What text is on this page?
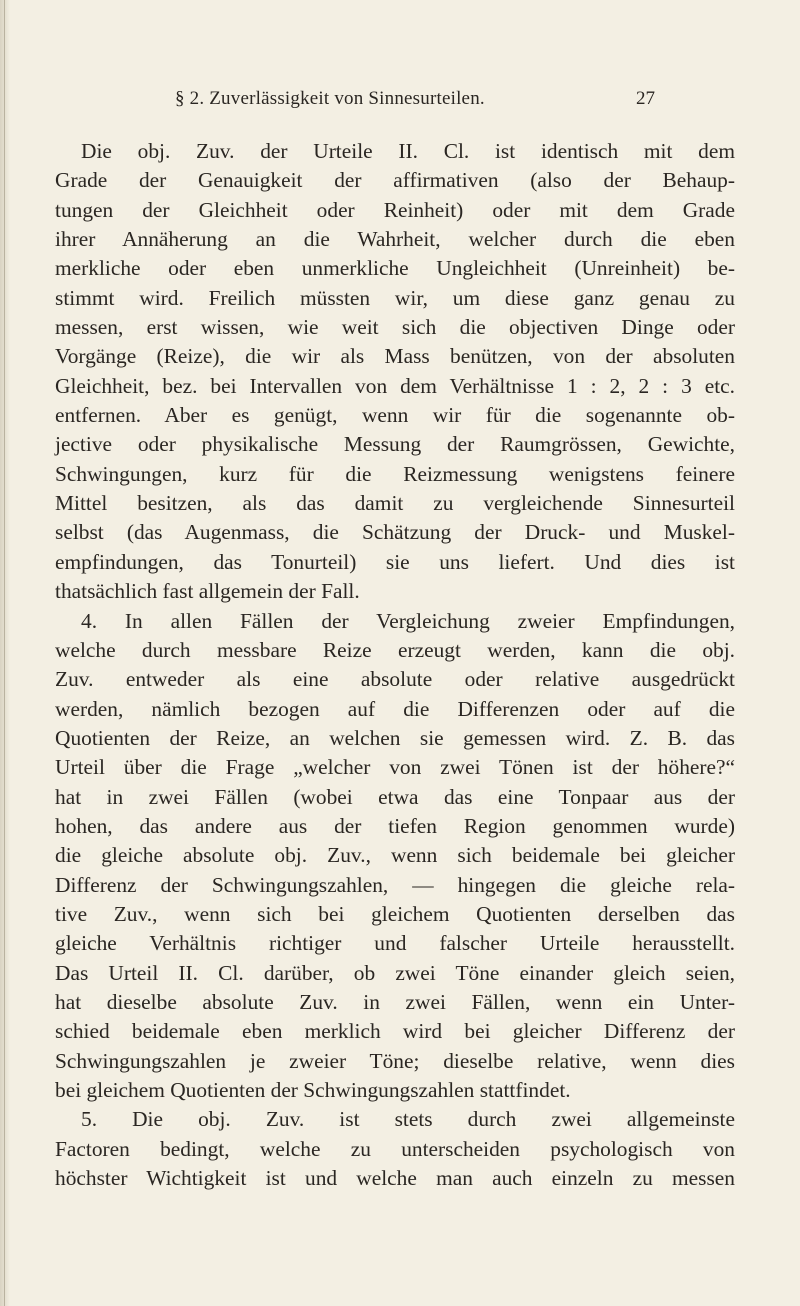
§ 2. Zuverlässigkeit von Sinnesurteilen.	27
Die obj. Zuv. der Urteile II. Cl. ist identisch mit dem
Grade der Genauigkeit der affirmativen (also der Behaup-
tungen der Gleichheit oder Reinheit) oder mit dem Grade
ihrer Annäherung an die Wahrheit, welcher durch die eben
merkliche oder eben unmerkliche Ungleichheit (Unreinheit) be-
stimmt wird. Freilich müssten wir, um diese ganz genau zu
messen, erst wissen, wie weit sich die objectiven Dinge oder
Vorgänge (Reize), die wir als Mass benützen, von der absoluten
Gleichheit, bez. bei Intervallen von dem Verhältnisse 1 : 2, 2 : 3 etc.
entfernen. Aber es genügt, wenn wir für die sogenannte ob-
jective oder physikalische Messung der Raumgrössen, Gewichte,
Schwingungen, kurz für die Reizmessung wenigstens feinere
Mittel besitzen, als das damit zu vergleichende Sinnesurteil
selbst (das Augenmass, die Schätzung der Druck- und Muskel-
empfindungen, das Tonurteil) sie uns liefert. Und dies ist
thatsächlich fast allgemein der Fall.
4. In allen Fällen der Vergleichung zweier Empfindungen,
welche durch messbare Reize erzeugt werden, kann die obj.
Zuv. entweder als eine absolute oder relative ausgedrückt
werden, nämlich bezogen auf die Differenzen oder auf die
Quotienten der Reize, an welchen sie gemessen wird. Z. B. das
Urteil über die Frage „welcher von zwei Tönen ist der höhere?“
hat in zwei Fällen (wobei etwa das eine Tonpaar aus der
hohen, das andere aus der tiefen Region genommen wurde)
die gleiche absolute obj. Zuv., wenn sich beidemale bei gleicher
Differenz der Schwingungszahlen, — hingegen die gleiche rela-
tive Zuv., wenn sich bei gleichem Quotienten derselben das
gleiche Verhältnis richtiger und falscher Urteile herausstellt.
Das Urteil II. Cl. darüber, ob zwei Töne einander gleich seien,
hat dieselbe absolute Zuv. in zwei Fällen, wenn ein Unter-
schied beidemale eben merklich wird bei gleicher Differenz der
Schwingungszahlen je zweier Töne; dieselbe relative, wenn dies
bei gleichem Quotienten der Schwingungszahlen stattfindet.
5. Die obj. Zuv. ist stets durch zwei allgemeinste
Factoren bedingt, welche zu unterscheiden psychologisch von
höchster Wichtigkeit ist und welche man auch einzeln zu messen
